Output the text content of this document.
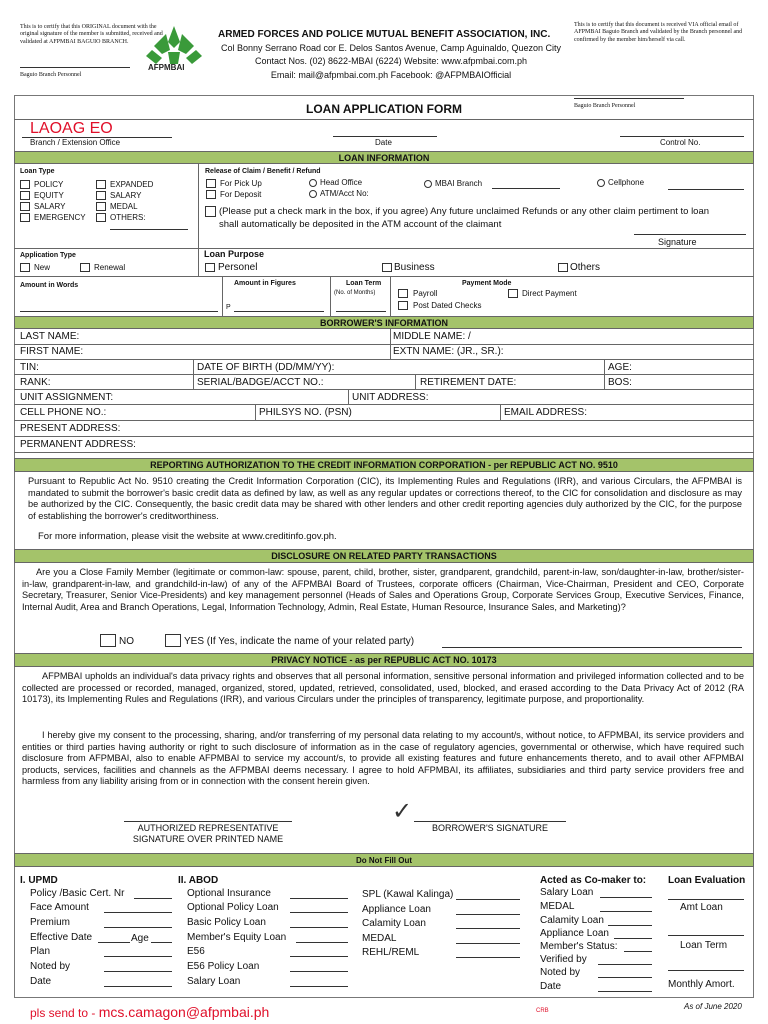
This is to certify that this ORIGINAL document with the original signature of the member is submitted, received and validated at AFPMBAI BAGUIO BRANCH.
Baguio Branch Personnel
AFPMBAI
ARMED FORCES AND POLICE MUTUAL BENEFIT ASSOCIATION, INC.
Col Bonny Serrano Road cor E. Delos Santos Avenue, Camp Aguinaldo, Quezon City
Contact Nos. (02) 8622-MBAI (6224) Website: www.afpmbai.com.ph
Email: mail@afpmbai.com.ph Facebook: @AFPMBAIOfficial
This is to certify that this document is received VIA official email of AFPMBAI Baguio Branch and validated by the Branch personnel and confirmed by the member him/herself via call.
Baguio Branch Personnel
LOAN APPLICATION FORM
LAOAG EO
Branch / Extension Office	Date	Control No.
LOAN INFORMATION
Loan Type
POLICY	EXPANDED
EQUITY	SALARY
SALARY	MEDAL
EMERGENCY	OTHERS:
Release of Claim / Benefit / Refund
For Pick Up
For Deposit
Head Office
ATM/Acct No:
MBAI Branch	Cellphone
(Please put a check mark in the box, if you agree) Any future unclaimed Refunds or any other claim pertiment to loan shall automatically be deposited in the ATM account of the claimant
Signature
Application Type
New	Renewal
Loan Purpose
Personel	Business	Others
Amount in Words	Amount in Figures
P
Loan Term
(No. of Months)
Payment Mode
Payroll	Direct Payment
Post Dated Checks
BORROWER'S INFORMATION
LAST NAME:	MIDDLE NAME: /
FIRST NAME:	EXTN NAME: (JR., SR.):
TIN:	DATE OF BIRTH (DD/MM/YY):	AGE:
RANK:	SERIAL/BADGE/ACCT NO.:	RETIREMENT DATE:	BOS:
UNIT ASSIGNMENT:	UNIT ADDRESS:
CELL PHONE NO.:	PHILSYS NO. (PSN)	EMAIL ADDRESS:
PRESENT ADDRESS:
PERMANENT ADDRESS:
REPORTING AUTHORIZATION TO THE CREDIT INFORMATION CORPORATION - per REPUBLIC ACT NO. 9510
Pursuant to Republic Act No. 9510 creating the Credit Information Corporation (CIC), its Implementing Rules and Regulations (IRR), and various Circulars, the AFPMBAI is mandated to submit the borrower's basic credit data as defined by law, as well as any regular updates or corrections thereof, to the CIC for consolidation and disclosure as may be authorized by the CIC. Consequently, the basic credit data may be shared with other lenders and other credit reporting agencies duly authorized by the CIC, for the purpose of establishing the borrower's creditworthiness.
For more information, please visit the website at www.creditinfo.gov.ph.
DISCLOSURE ON RELATED PARTY TRANSACTIONS
Are you a Close Family Member (legitimate or common-law: spouse, parent, child, brother, sister, grandparent, grandchild, parent-in-law, son/daughter-in-law, brother/sister-in-law, grandparent-in-law, and grandchild-in-law) of any of the AFPMBAI Board of Trustees, corporate officers (Chairman, Vice-Chairman, President and CEO, Corporate Secretary, Treasurer, Senior Vice-Presidents) and key management personnel (Heads of Sales and Operations Group, Corporate Services Group, Executive Services, Finance, Internal Audit, Area and Branch Operations, Legal, Information Technology, Admin, Real Estate, Human Resource, Insurance Sales, and Marketing)?
NO	YES (If Yes, indicate the name of your related party)
PRIVACY NOTICE - as per REPUBLIC ACT NO. 10173
AFPMBAI upholds an individual's data privacy rights and observes that all personal information, sensitive personal information and privileged information collected and to be collected are processed or recorded, managed, organized, stored, updated, retrieved, consolidated, used, blocked, and erased according to the Data Privacy Act of 2012 (RA 10173), its Implementing Rules and Regulations (IRR), and various Circulars under the principles of transparency, legitimate purpose, and proportionality.
I hereby give my consent to the processing, sharing, and/or transferring of my personal data relating to my account/s, without notice, to AFPMBAI, its service providers and entities or third parties having authority or right to such disclosure of information as in the case of regulatory agencies, governmental or otherwise, which have required such disclosure from AFPMBAI, also to enable AFPMBAI to service my account/s, to provide all existing features and future enhancements thereto, and to avail other AFPMBAI products, services, facilities and channels as the AFPMBAI deems necessary. I agree to hold AFPMBAI, its affiliates, subsidiaries and third party service providers free and harmless from any liability arising from or in connection with the consent herein given.
AUTHORIZED REPRESENTATIVE
SIGNATURE OVER PRINTED NAME
✓
BORROWER'S SIGNATURE
Do Not Fill Out
I. UPMD
Policy /Basic Cert. Nr
Face Amount
Premium
Effective Date	Age
Plan
Noted by
Date
II. ABOD
Optional Insurance
Optional Policy Loan
Basic Policy Loan
Member's Equity Loan
E56
E56 Policy Loan
Salary Loan
SPL (Kawal Kalinga)
Appliance Loan
Calamity Loan
MEDAL
REHL/REML
Acted as Co-maker to:
Salary Loan
MEDAL
Calamity Loan
Appliance Loan
Member's Status:
Verified by
Noted by
Date
Loan Evaluation
Amt Loan
Loan Term
Monthly Amort.
pls send to - mcs.camagon@afpmbai.ph	CRB	As of June 2020
